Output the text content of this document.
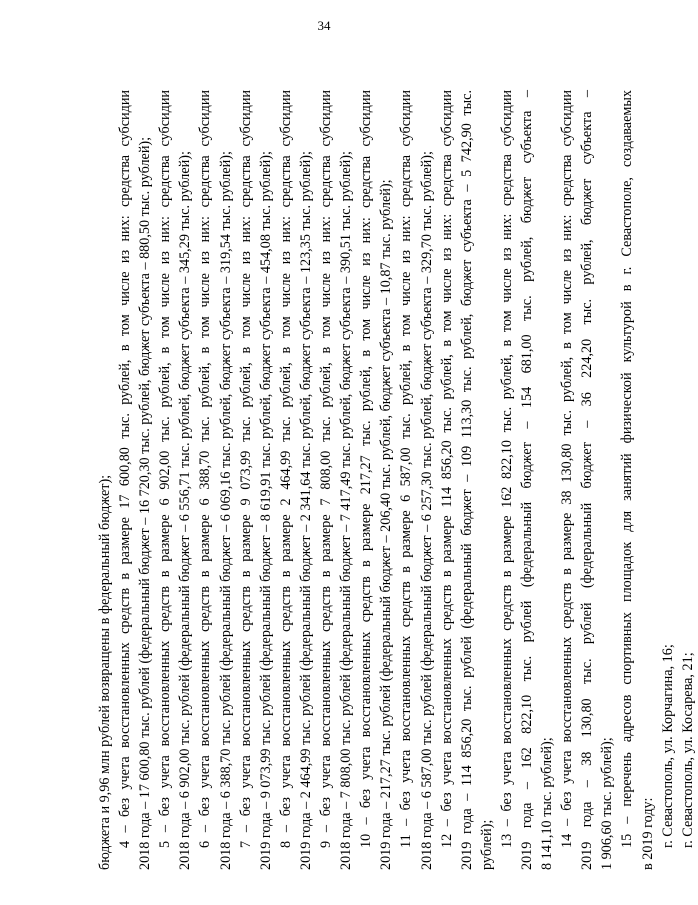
34
бюджета и 9,96 млн рублей возвращены в федеральный бюджет); 4 – без учета восстановленных средств в размере 17 600,80 тыс. рублей, в том числе из них: средства субсидии 2018 года – 17 600,80 тыс. рублей (федеральный бюджет – 16 720,30 тыс. рублей, бюджет субъекта – 880,50 тыс. рублей); 5 – без учета восстановленных средств в размере 6 902,00 тыс. рублей, в том числе из них: средства субсидии 2018 года – 6 902,00 тыс. рублей (федеральный бюджет – 6 556,71 тыс. рублей, бюджет субъекта – 345,29 тыс. рублей); 6 – без учета восстановленных средств в размере 6 388,70 тыс. рублей, в том числе из них: средства субсидии 2018 года – 6 388,70 тыс. рублей (федеральный бюджет – 6 069,16 тыс. рублей, бюджет субъекта – 319,54 тыс. рублей); 7 – без учета восстановленных средств в размере 9 073,99 тыс. рублей, в том числе из них: средства субсидии 2019 года – 9 073,99 тыс. рублей (федеральный бюджет – 8 619,91 тыс. рублей, бюджет субъекта – 454,08 тыс. рублей); 8 – без учета восстановленных средств в размере 2 464,99 тыс. рублей, в том числе из них: средства субсидии 2019 года – 2 464,99 тыс. рублей (федеральный бюджет – 2 341,64 тыс. рублей, бюджет субъекта – 123,35 тыс. рублей); 9 – без учета восстановленных средств в размере 7 808,00 тыс. рублей, в том числе из них: средства субсидии 2018 года – 7 808,00 тыс. рублей (федеральный бюджет – 7 417,49 тыс. рублей, бюджет субъекта – 390,51 тыс. рублей); 10 – без учета восстановленных средств в размере 217,27 тыс. рублей, в том числе из них: средства субсидии 2019 года – 217,27 тыс. рублей (федеральный бюджет – 206,40 тыс. рублей, бюджет субъекта – 10,87 тыс. рублей); 11 – без учета восстановленных средств в размере 6 587,00 тыс. рублей, в том числе из них: средства субсидии 2018 года – 6 587,00 тыс. рублей (федеральный бюджет – 6 257,30 тыс. рублей, бюджет субъекта – 329,70 тыс. рублей); 12 – без учета восстановленных средств в размере 114 856,20 тыс. рублей, в том числе из них: средства субсидии 2019 года – 114 856,20 тыс. рублей (федеральный бюджет – 109 113,30 тыс. рублей, бюджет субъекта – 5 742,90 тыс. рублей); 13 – без учета восстановленных средств в размере 162 822,10 тыс. рублей, в том числе из них: средства субсидии 2019 года – 162 822,10 тыс. рублей (федеральный бюджет – 154 681,00 тыс. рублей, бюджет субъекта – 8 141,10 тыс. рублей); 14 – без учета восстановленных средств в размере 38 130,80 тыс. рублей, в том числе из них: средства субсидии 2019 года – 38 130,80 тыс. рублей (федеральный бюджет – 36 224,20 тыс. рублей, бюджет субъекта – 1 906,60 тыс. рублей); 15 – перечень адресов спортивных площадок для занятий физической культурой в г. Севастополе, создаваемых в 2019 году: г. Севастополь, ул. Корчагина, 16; г. Севастополь, ул. Косарева, 21;
